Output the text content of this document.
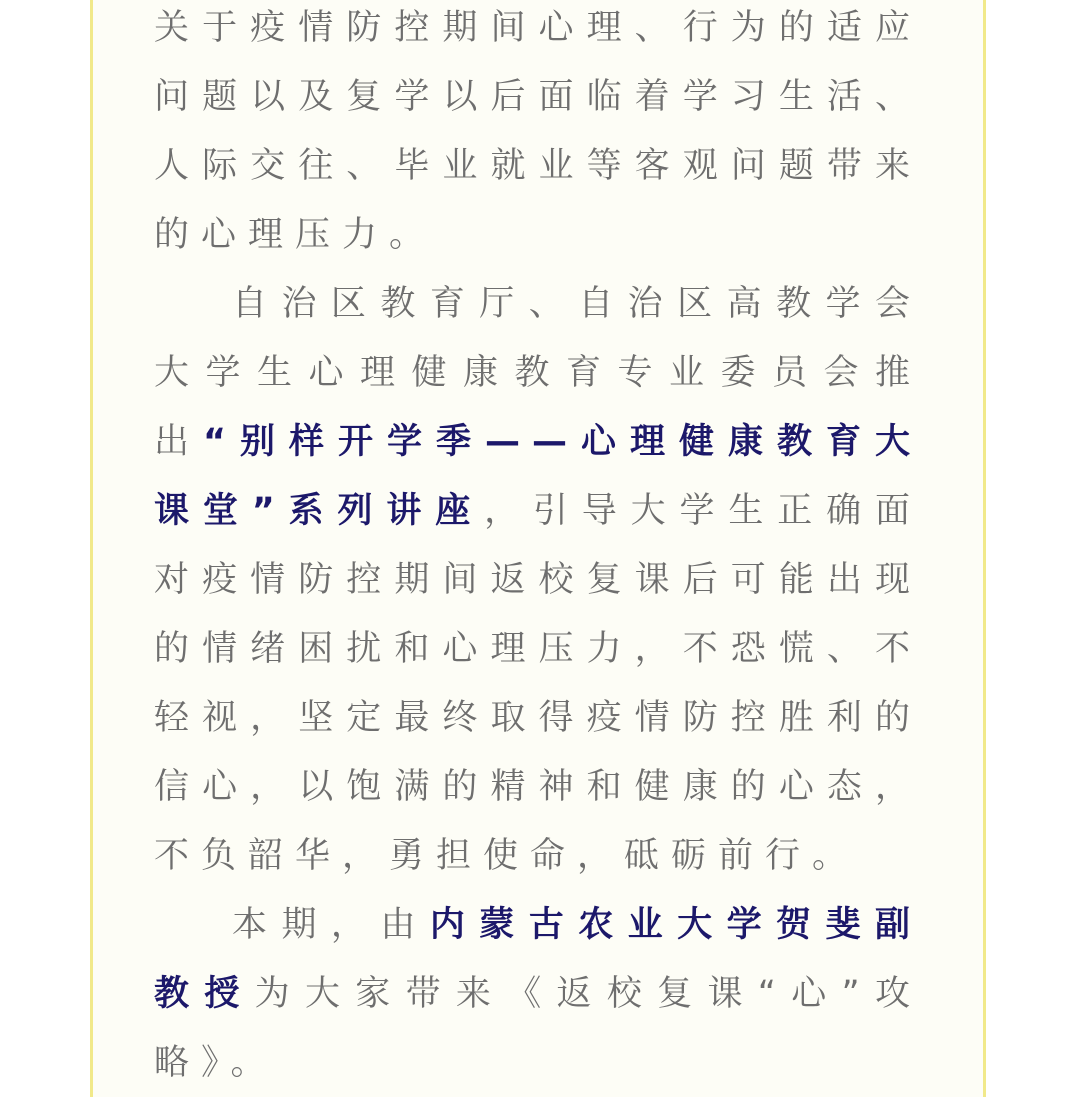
关于疫情防控期间心理、行为的适应问题以及复学以后面临着学习生活、人际交往、毕业就业等客观问题带来的心理压力。

自治区教育厅、自治区高教学会大学生心理健康教育专业委员会推出“别样开学季——心理健康教育大课堂”系列讲座，引导大学生正确面对疫情防控期间返校复课后可能出现的情绪困扰和心理压力，不恐慌、不轻视，坚定最终取得疫情防控胜利的信心，以饱满的精神和健康的心态，不负韶华，勇担使命，砥砺前行。

本期，由内蒙古农业大学贺斐副教授为大家带来《返校复课“心”攻略》。
